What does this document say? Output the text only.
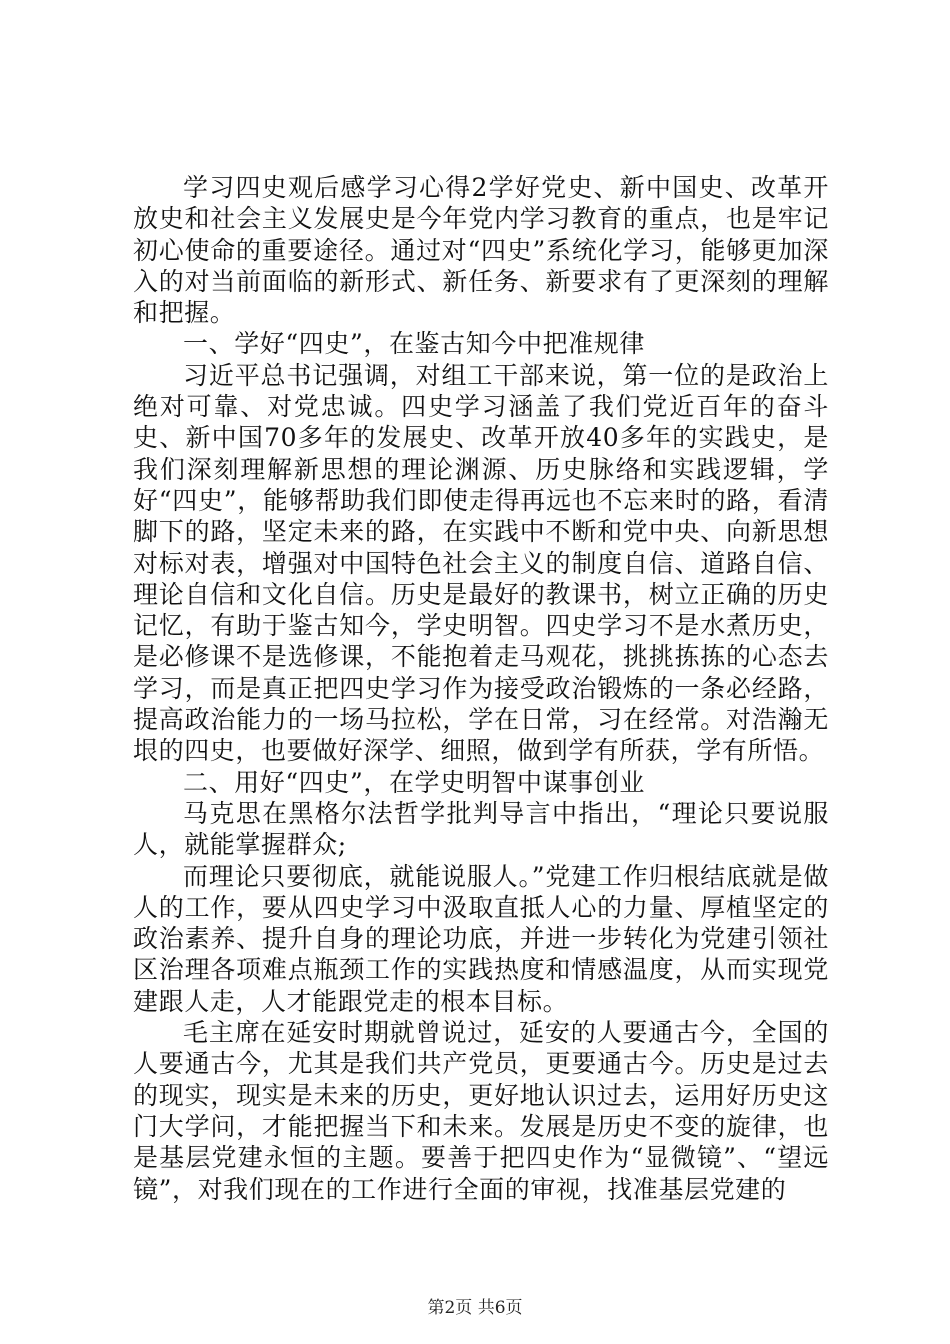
学习四史观后感学习心得2学好党史、新中国史、改革开放史和社会主义发展史是今年党内学习教育的重点，也是牢记初心使命的重要途径。通过对“四史”系统化学习，能够更加深入的对当前面临的新形式、新任务、新要求有了更深刻的理解和把握。

一、学好“四史”，在鉴古知今中把准规律

习近平总书记强调，对组工干部来说，第一位的是政治上绝对可靠、对党忠诚。四史学习涵盖了我们党近百年的奋斗史、新中国70多年的发展史、改革开放40多年的实践史，是我们深刻理解新思想的理论渊源、历史脉络和实践逻辑，学好“四史”，能够帮助我们即使走得再远也不忘来时的路，看清脚下的路，坚定未来的路，在实践中不断和党中央、向新思想对标对表，增强对中国特色社会主义的制度自信、道路自信、理论自信和文化自信。历史是最好的教课书，树立正确的历史记忆，有助于鉴古知今，学史明智。四史学习不是水煮历史，是必修课不是选修课，不能抱着走马观花，挑挑拣拣的心态去学习，而是真正把四史学习作为接受政治锻炼的一条必经路，提高政治能力的一场马拉松，学在日常，习在经常。对浩瀚无垠的四史，也要做好深学、细照，做到学有所获，学有所悟。

二、用好“四史”，在学史明智中谋事创业

马克思在黑格尔法哲学批判导言中指出，“理论只要说服人，就能掌握群众;

而理论只要彻底，就能说服人。”党建工作归根结底就是做人的工作，要从四史学习中汲取直抵人心的力量、厚植坚定的政治素养、提升自身的理论功底，并进一步转化为党建引领社区治理各项难点瓶颈工作的实践热度和情感温度，从而实现党建跟人走，人才能跟党走的根本目标。

毛主席在延安时期就曾说过，延安的人要通古今，全国的人要通古今，尤其是我们共产党员，更要通古今。历史是过去的现实，现实是未来的历史，更好地认识过去，运用好历史这门大学问，才能把握当下和未来。发展是历史不变的旋律，也是基层党建永恒的主题。要善于把四史作为“显微镜”、“望远镜”，对我们现在的工作进行全面的审视，找准基层党建的

第2页 共6页
